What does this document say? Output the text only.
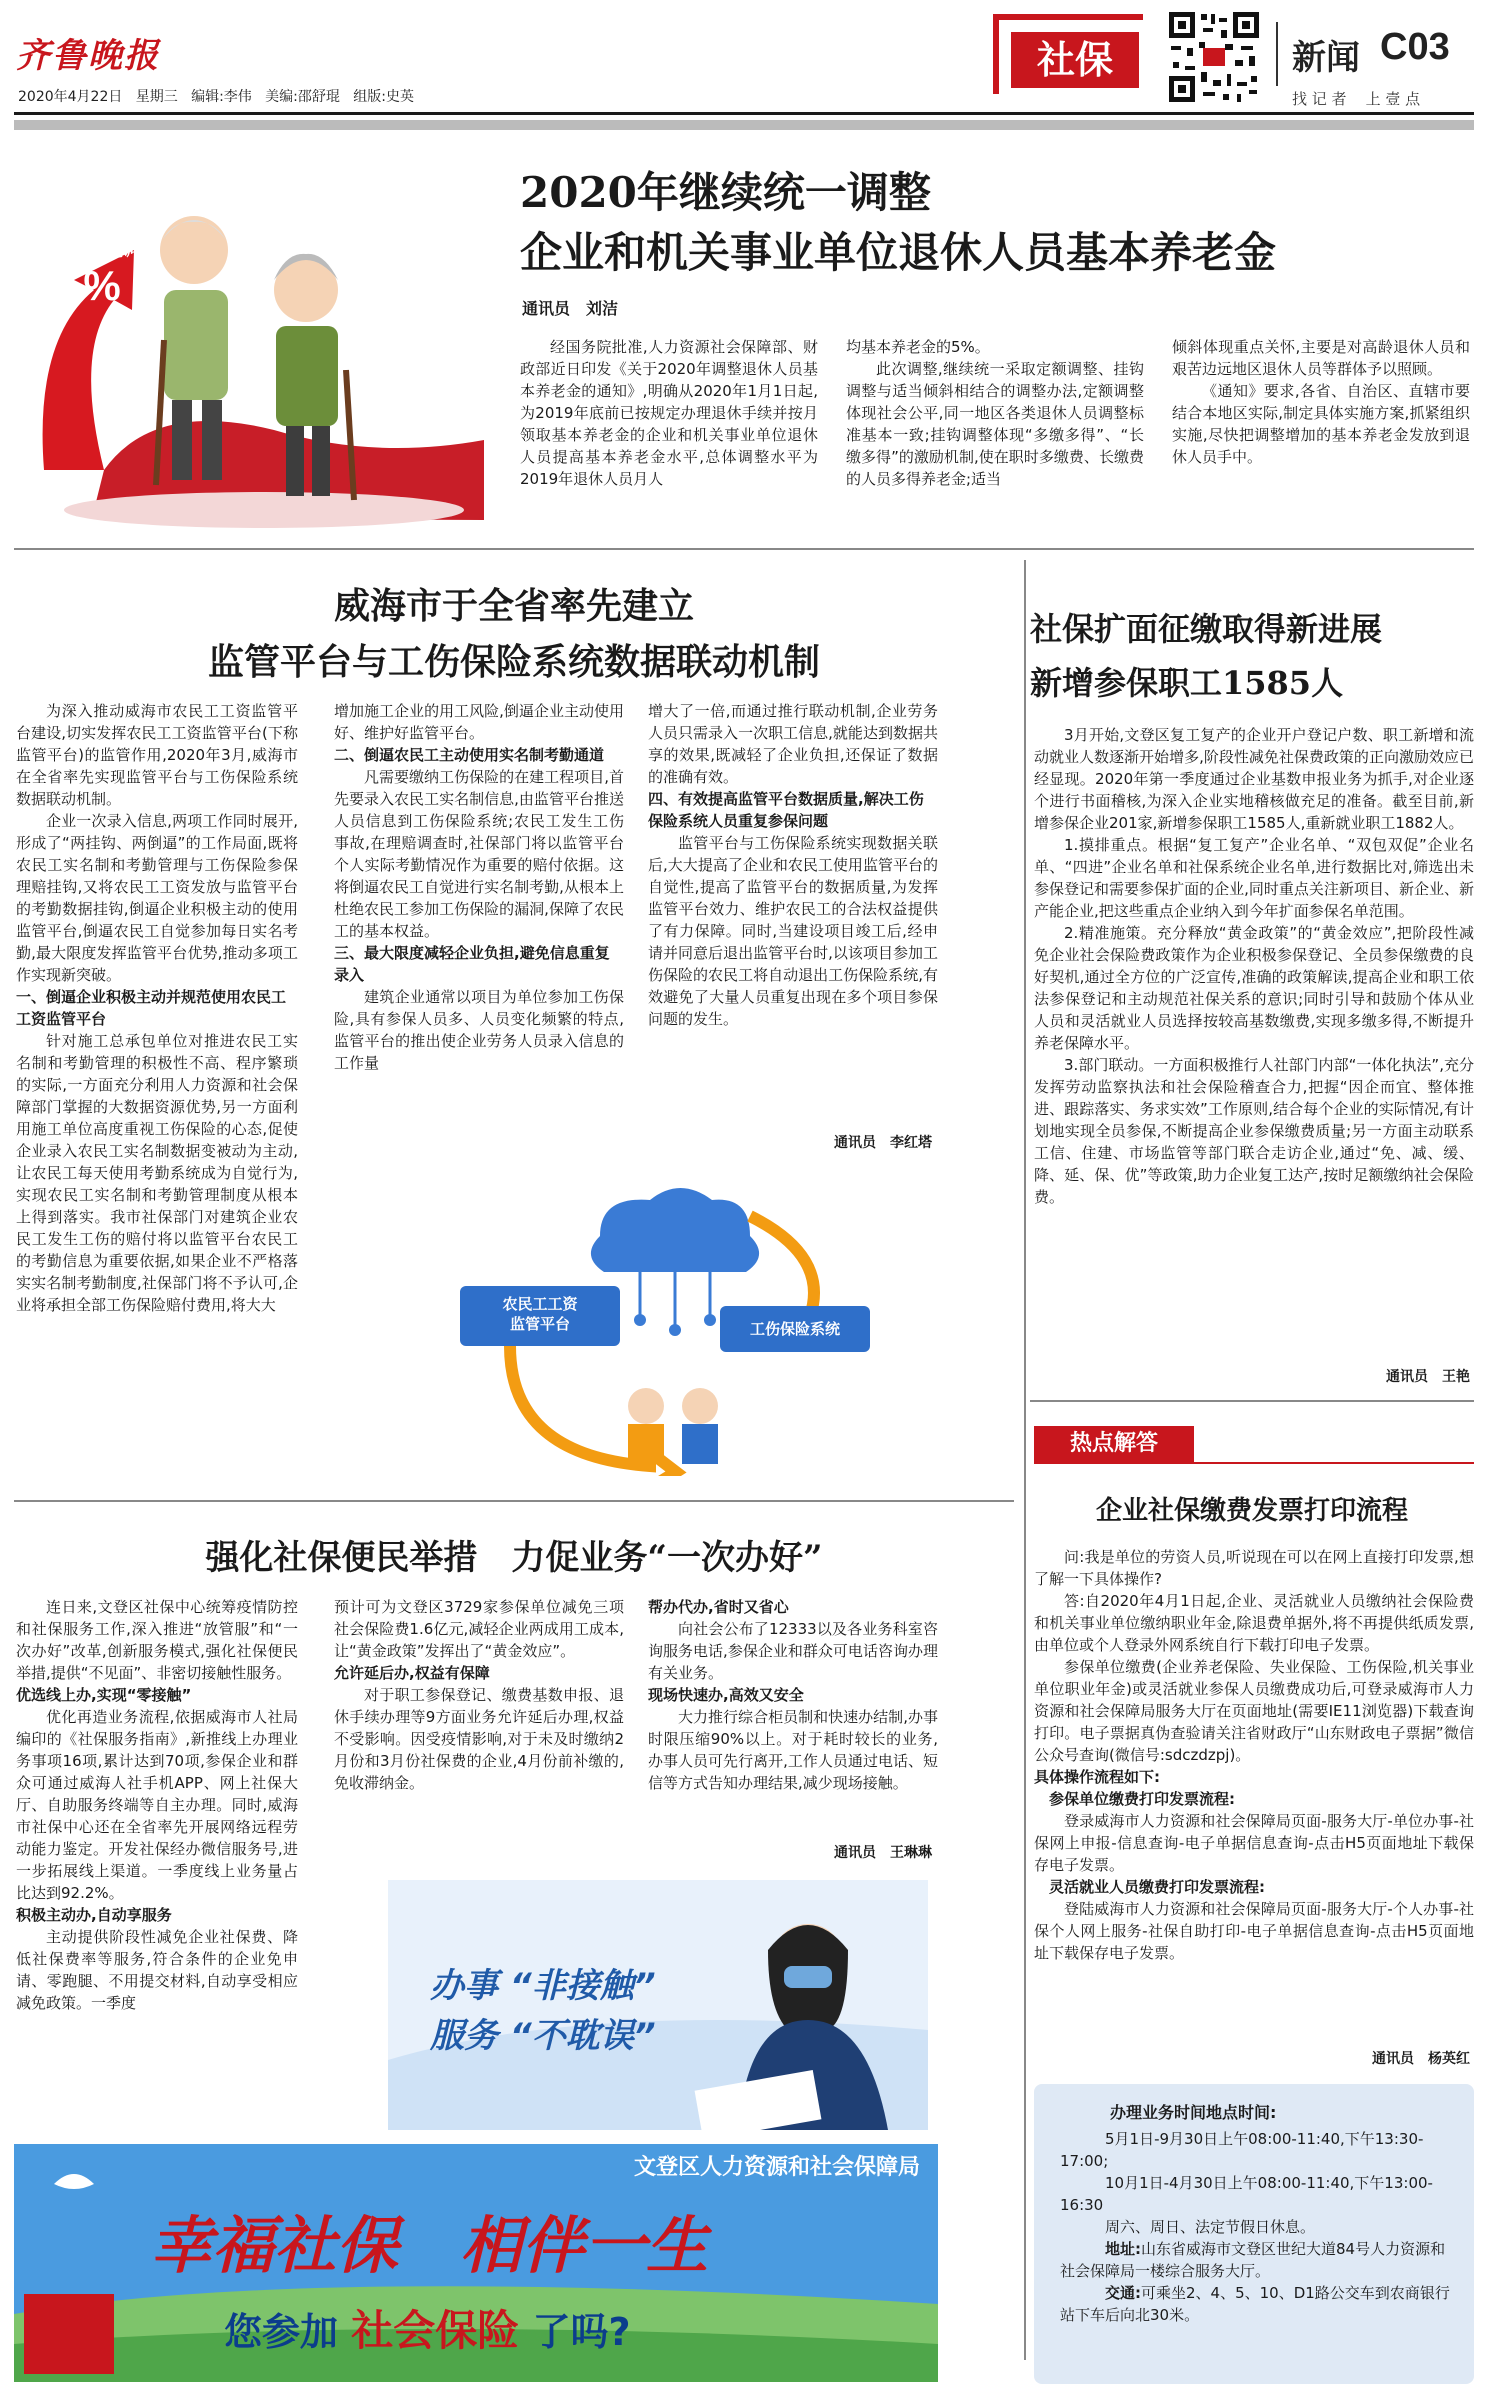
齐鲁晚报
2020年4月22日 星期三 编辑:李伟 美编:邵舒琨 组版:史英
社保	新闻 C03
找 记 者    上 壹 点
养老金上调
5%
2020年继续统一调整
企业和机关事业单位退休人员基本养老金
通讯员　刘洁

经国务院批准,人力资源社会保障部、财政部近日印发《关于2020年调整退休人员基本养老金的通知》,明确从2020年1月1日起,为2019年底前已按规定办理退休手续并按月领取基本养老金的企业和机关事业单位退休人员提高基本养老金水平,总体调整水平为2019年退休人员月人

均基本养老金的5%。

此次调整,继续统一采取定额调整、挂钩调整与适当倾斜相结合的调整办法,定额调整体现社会公平,同一地区各类退休人员调整标准基本一致;挂钩调整体现“多缴多得”、“长缴多得”的激励机制,使在职时多缴费、长缴费的人员多得养老金;适当

倾斜体现重点关怀,主要是对高龄退休人员和艰苦边远地区退休人员等群体予以照顾。

《通知》要求,各省、自治区、直辖市要结合本地区实际,制定具体实施方案,抓紧组织实施,尽快把调整增加的基本养老金发放到退休人员手中。

威海市于全省率先建立
监管平台与工伤保险系统数据联动机制

为深入推动威海市农民工工资监管平台建设,切实发挥农民工工资监管平台(下称监管平台)的监管作用,2020年3月,威海市在全省率先实现监管平台与工伤保险系统数据联动机制。

企业一次录入信息,两项工作同时展开,形成了“两挂钩、两倒逼”的工作局面,既将农民工实名制和考勤管理与工伤保险参保理赔挂钩,又将农民工工资发放与监管平台的考勤数据挂钩,倒逼企业积极主动的使用监管平台,倒逼农民工自觉参加每日实名考勤,最大限度发挥监管平台优势,推动多项工作实现新突破。

一、倒逼企业积极主动并规范使用农民工工资监管平台

针对施工总承包单位对推进农民工实名制和考勤管理的积极性不高、程序繁琐的实际,一方面充分利用人力资源和社会保障部门掌握的大数据资源优势,另一方面利用施工单位高度重视工伤保险的心态,促使企业录入农民工实名制数据变被动为主动,让农民工每天使用考勤系统成为自觉行为,实现农民工实名制和考勤管理制度从根本上得到落实。我市社保部门对建筑企业农民工发生工伤的赔付将以监管平台农民工的考勤信息为重要依据,如果企业不严格落实实名制考勤制度,社保部门将不予认可,企业将承担全部工伤保险赔付费用,将大大

增加施工企业的用工风险,倒逼企业主动使用好、维护好监管平台。

二、倒逼农民工主动使用实名制考勤通道

凡需要缴纳工伤保险的在建工程项目,首先要录入农民工实名制信息,由监管平台推送人员信息到工伤保险系统;农民工发生工伤事故,在理赔调查时,社保部门将以监管平台个人实际考勤情况作为重要的赔付依据。这将倒逼农民工自觉进行实名制考勤,从根本上杜绝农民工参加工伤保险的漏洞,保障了农民工的基本权益。

三、最大限度减轻企业负担,避免信息重复录入

建筑企业通常以项目为单位参加工伤保险,具有参保人员多、人员变化频繁的特点,监管平台的推出使企业劳务人员录入信息的工作量

增大了一倍,而通过推行联动机制,企业劳务人员只需录入一次职工信息,就能达到数据共享的效果,既减轻了企业负担,还保证了数据的准确有效。

四、有效提高监管平台数据质量,解决工伤保险系统人员重复参保问题

监管平台与工伤保险系统实现数据关联后,大大提高了企业和农民工使用监管平台的自觉性,提高了监管平台的数据质量,为发挥监管平台效力、维护农民工的合法权益提供了有力保障。同时,当建设项目竣工后,经申请并同意后退出监管平台时,以该项目参加工伤保险的农民工将自动退出工伤保险系统,有效避免了大量人员重复出现在多个项目参保问题的发生。

通讯员　李红塔
农民工工资
监管平台	工伤保险系统
社保扩面征缴取得新进展
新增参保职工1585人

3月开始,文登区复工复产的企业开户登记户数、职工新增和流动就业人数逐渐开始增多,阶段性减免社保费政策的正向激励效应已经显现。2020年第一季度通过企业基数申报业务为抓手,对企业逐个进行书面稽核,为深入企业实地稽核做充足的准备。截至目前,新增参保企业201家,新增参保职工1585人,重新就业职工1882人。

1.摸排重点。根据“复工复产”企业名单、“双包双促”企业名单、“四进”企业名单和社保系统企业名单,进行数据比对,筛选出未参保登记和需要参保扩面的企业,同时重点关注新项目、新企业、新产能企业,把这些重点企业纳入到今年扩面参保名单范围。

2.精准施策。充分释放“黄金政策”的“黄金效应”,把阶段性减免企业社会保险费政策作为企业积极参保登记、全员参保缴费的良好契机,通过全方位的广泛宣传,准确的政策解读,提高企业和职工依法参保登记和主动规范社保关系的意识;同时引导和鼓励个体从业人员和灵活就业人员选择按较高基数缴费,实现多缴多得,不断提升养老保障水平。

3.部门联动。一方面积极推行人社部门内部“一体化执法”,充分发挥劳动监察执法和社会保险稽查合力,把握“因企而宜、整体推进、跟踪落实、务求实效”工作原则,结合每个企业的实际情况,有计划地实现全员参保,不断提高企业参保缴费质量;另一方面主动联系工信、住建、市场监管等部门联合走访企业,通过“免、减、缓、降、延、保、优”等政策,助力企业复工达产,按时足额缴纳社会保险费。

通讯员　王艳
热点解答
企业社保缴费发票打印流程

问:我是单位的劳资人员,听说现在可以在网上直接打印发票,想了解一下具体操作?

答:自2020年4月1日起,企业、灵活就业人员缴纳社会保险费和机关事业单位缴纳职业年金,除退费单据外,将不再提供纸质发票,由单位或个人登录外网系统自行下载打印电子发票。

参保单位缴费(企业养老保险、失业保险、工伤保险,机关事业单位职业年金)或灵活就业参保人员缴费成功后,可登录威海市人力资源和社会保障局服务大厅在页面地址(需要IE11浏览器)下载查询打印。电子票据真伪查验请关注省财政厅“山东财政电子票据”微信公众号查询(微信号:sdczdzpj)。

具体操作流程如下:

参保单位缴费打印发票流程:

登录威海市人力资源和社会保障局页面-服务大厅-单位办事-社保网上申报-信息查询-电子单据信息查询-点击H5页面地址下载保存电子发票。

灵活就业人员缴费打印发票流程:

登陆威海市人力资源和社会保障局页面-服务大厅-个人办事-社保个人网上服务-社保自助打印-电子单据信息查询-点击H5页面地址下载保存电子发票。

通讯员　杨英红
办理业务时间地点时间:

5月1日-9月30日上午08:00-11:40,下午13:30-17:00;

10月1日-4月30日上午08:00-11:40,下午13:00-16:30

周六、周日、法定节假日休息。

地址:山东省威海市文登区世纪大道84号人力资源和社会保障局一楼综合服务大厅。

交通:可乘坐2、4、5、10、D1路公交车到农商银行站下车后向北30米。

强化社保便民举措　力促业务“一次办好”

连日来,文登区社保中心统筹疫情防控和社保服务工作,深入推进“放管服”和“一次办好”改革,创新服务模式,强化社保便民举措,提供“不见面”、非密切接触性服务。

优选线上办,实现“零接触”

优化再造业务流程,依据威海市人社局编印的《社保服务指南》,新推线上办理业务事项16项,累计达到70项,参保企业和群众可通过威海人社手机APP、网上社保大厅、自助服务终端等自主办理。同时,威海市社保中心还在全省率先开展网络远程劳动能力鉴定。开发社保经办微信服务号,进一步拓展线上渠道。一季度线上业务量占比达到92.2%。

积极主动办,自动享服务

主动提供阶段性减免企业社保费、降低社保费率等服务,符合条件的企业免申请、零跑腿、不用提交材料,自动享受相应减免政策。一季度

预计可为文登区3729家参保单位减免三项社会保险费1.6亿元,减轻企业两成用工成本,让“黄金政策”发挥出了“黄金效应”。

允许延后办,权益有保障

对于职工参保登记、缴费基数申报、退休手续办理等9方面业务允许延后办理,权益不受影响。因受疫情影响,对于未及时缴纳2月份和3月份社保费的企业,4月份前补缴的,免收滞纳金。

帮办代办,省时又省心

向社会公布了12333以及各业务科室咨询服务电话,参保企业和群众可电话咨询办理有关业务。

现场快速办,高效又安全

大力推行综合柜员制和快速办结制,办事时限压缩90%以上。对于耗时较长的业务,办事人员可先行离开,工作人员通过电话、短信等方式告知办理结果,减少现场接触。

通讯员　王琳琳
办事 “非接触”
服务 “不耽误”
文登区人力资源和社会保障局
幸福社保　相伴一生
您参加 社会保险 了吗?
